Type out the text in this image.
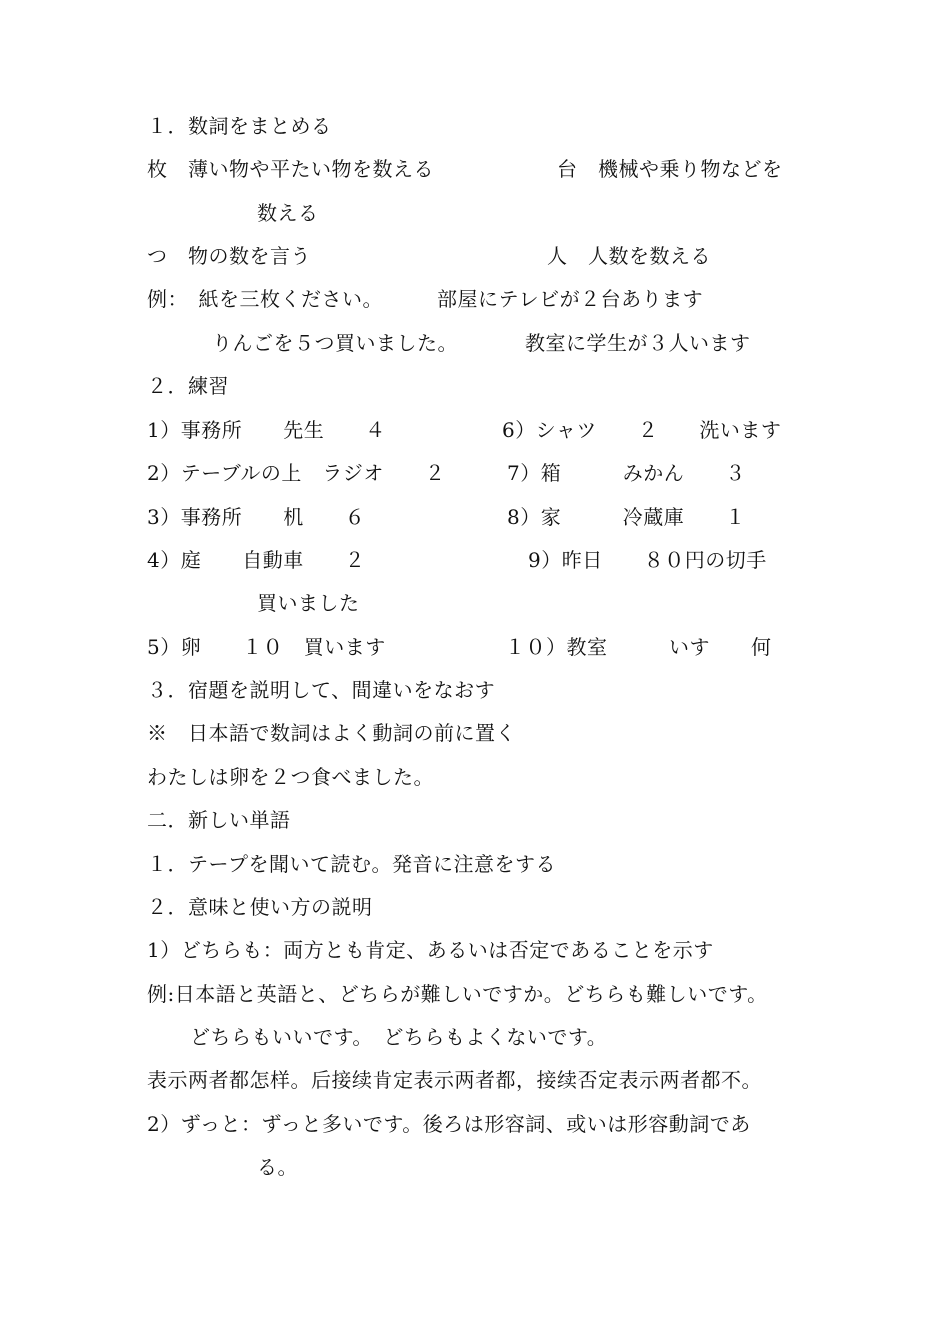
１．数詞をまとめる
枚　薄い物や平たい物を数える	台　機械や乗り物などを
数える
つ　物の数を言う	人　人数を数える
例：　紙を三枚ください。	部屋にテレビが２台あります
りんごを５つ買いました。	教室に学生が３人います
２．練習
1）事務所　　先生　　４	6）シャツ　　２　　洗います
2）テーブルの上　ラジオ　　２	7）箱　　　みかん　　３
3）事務所　　机　　６	8）家　　　冷蔵庫　　１
4）庭　　自動車　　２	9）昨日　　８０円の切手
買いました
5）卵　　１０　買います	１０）教室　　　いす　　何
３．宿題を説明して、間違いをなおす
※　日本語で数詞はよく動詞の前に置く
わたしは卵を２つ食べました。
二．新しい単語
１．テープを聞いて読む。発音に注意をする
２．意味と使い方の説明
1）どちらも：両方とも肯定、あるいは否定であることを示す
例:日本語と英語と、どちらが難しいですか。どちらも難しいです。
どちらもいいです。　どちらもよくないです。
表示两者都怎样。后接续肯定表示两者都，接续否定表示两者都不。
2）ずっと：ずっと多いです。後ろは形容詞、或いは形容動詞であ
る。
